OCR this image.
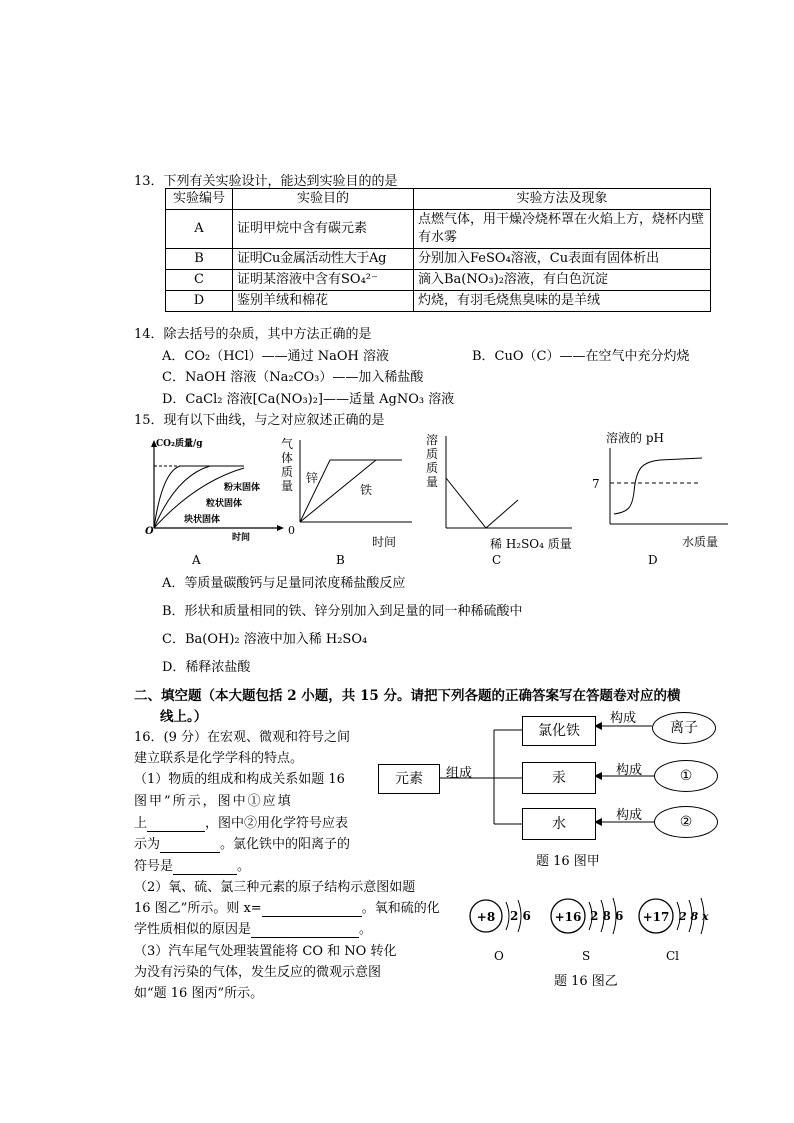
13．下列有关实验设计，能达到实验目的的是
实验编号	实验目的	实验方法及现象
A	证明甲烷中含有碳元素	点燃气体，用干燥冷烧杯罩在火焰上方，烧杯内壁有水雾
B	证明Cu金属活动性大于Ag	分别加入FeSO₄溶液，Cu表面有固体析出
C	证明某溶液中含有SO₄²⁻	滴入Ba(NO₃)₂溶液，有白色沉淀
D	鉴别羊绒和棉花	灼烧，有羽毛烧焦臭味的是羊绒
14．除去括号的杂质，其中方法正确的是
A．CO₂（HCl）——通过 NaOH 溶液	B．CuO（C）——在空气中充分灼烧
C．NaOH 溶液（Na₂CO₃）——加入稀盐酸
D．CaCl₂ 溶液[Ca(NO₃)₂]——适量 AgNO₃ 溶液
15．现有以下曲线，与之对应叙述正确的是
CO₂质量/g
粉末固体
粒状固体
块状固体
O
时间
A
气体质量
气体质量
锌
铁
0
时间
B
溶质质量
溶质质量
稀 H₂SO₄ 质量
C
溶液的 pH
7
水质量
D
A．等质量碳酸钙与足量同浓度稀盐酸反应
B．形状和质量相同的铁、锌分别加入到足量的同一种稀硫酸中
C．Ba(OH)₂ 溶液中加入稀 H₂SO₄
D．稀释浓盐酸
二、填空题（本大题包括 2 小题，共 15 分。请把下列各题的正确答案写在答题卷对应的横
线上。）
16．(9 分）在宏观、微观和符号之间
建立联系是化学学科的特点。
（1）物质的组成和构成关系如题 16
图甲”所示，图中①应填
上	，图中②用化学符号应表
示为	。氯化铁中的阳离子的
符号是	。
（2）氧、硫、氯三种元素的原子结构示意图如题
16 图乙”所示。则 x=	。氧和硫的化
学性质相似的原因是	。
（3）汽车尾气处理装置能将 CO 和 NO 转化
为没有污染的气体，发生反应的微观示意图
如“题 16 图丙”所示。
元素	组成
氯化铁
汞
水
构成
构成
构成
离子
①
②
题 16 图甲
+8 2 6
O
+16 2 8 6
S
+17 2 8 x
Cl
题 16 图乙
